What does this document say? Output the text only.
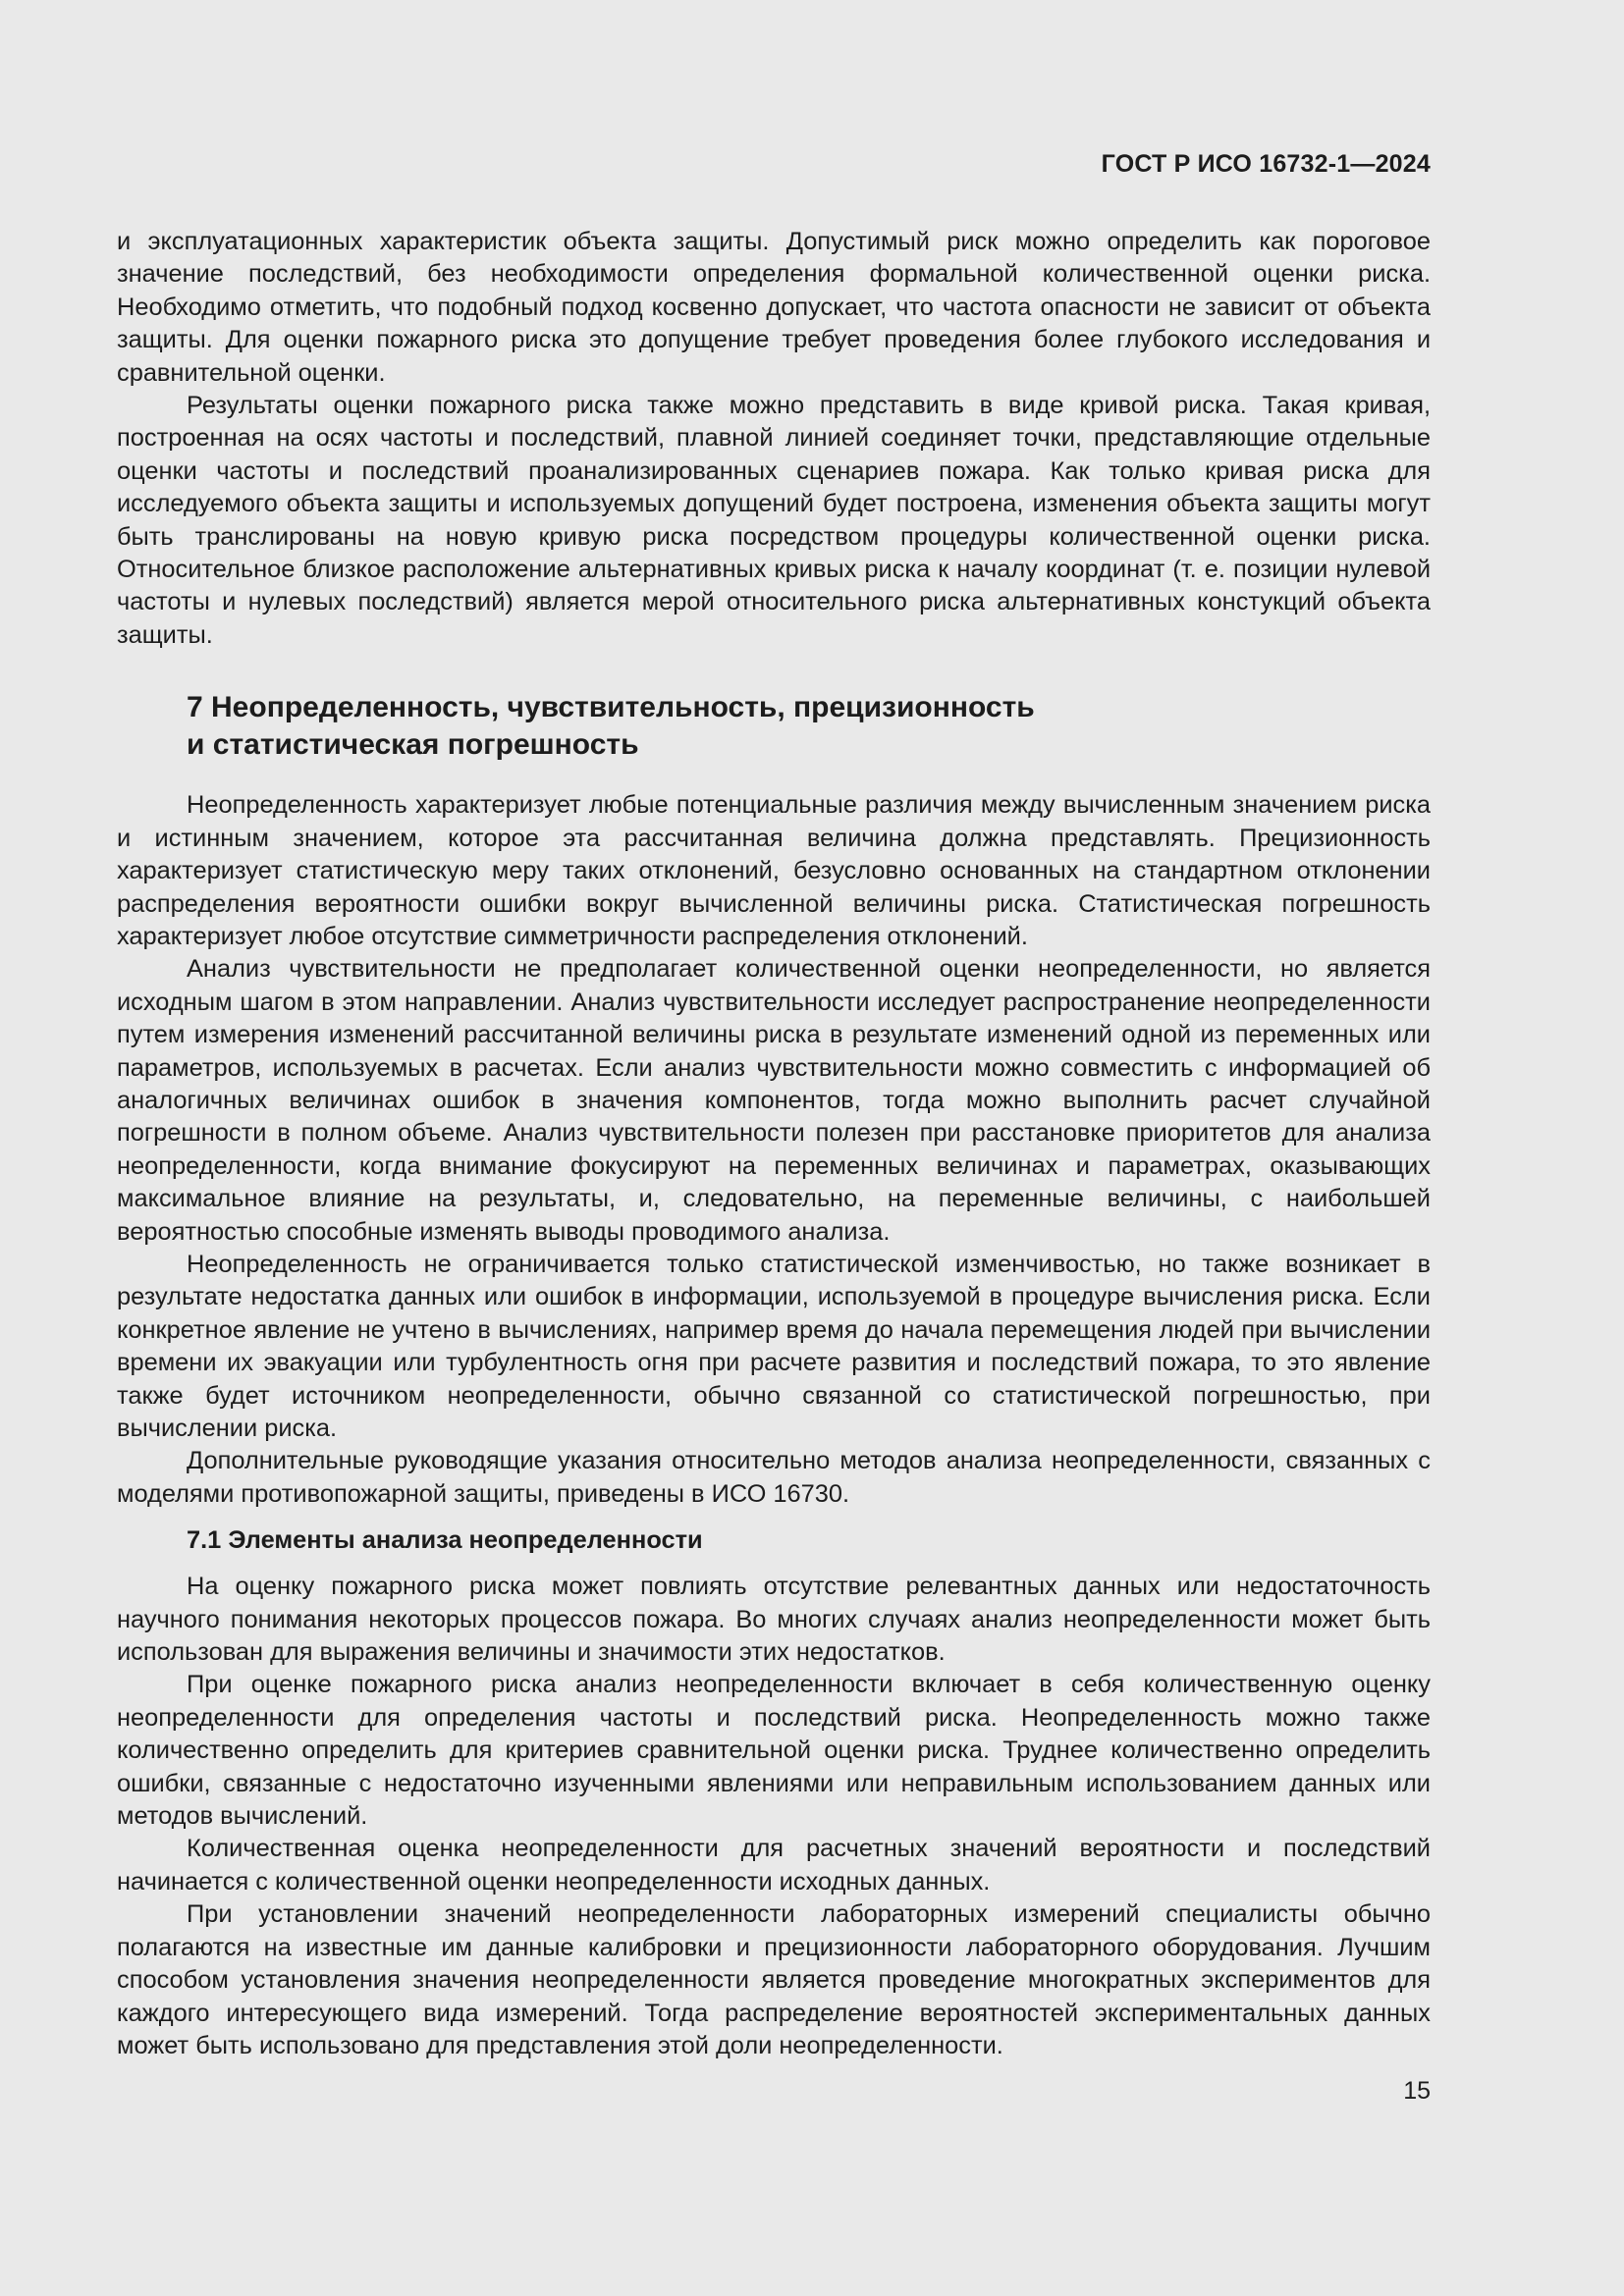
ГОСТ Р ИСО 16732-1—2024

и эксплуатационных характеристик объекта защиты. Допустимый риск можно определить как пороговое значение последствий, без необходимости определения формальной количественной оценки риска. Необходимо отметить, что подобный подход косвенно допускает, что частота опасности не зависит от объекта защиты. Для оценки пожарного риска это допущение требует проведения более глубокого исследования и сравнительной оценки.

Результаты оценки пожарного риска также можно представить в виде кривой риска. Такая кривая, построенная на осях частоты и последствий, плавной линией соединяет точки, представляющие отдельные оценки частоты и последствий проанализированных сценариев пожара. Как только кривая риска для исследуемого объекта защиты и используемых допущений будет построена, изменения объекта защиты могут быть транслированы на новую кривую риска посредством процедуры количественной оценки риска. Относительное близкое расположение альтернативных кривых риска к началу координат (т. е. позиции нулевой частоты и нулевых последствий) является мерой относительного риска альтернативных констукций объекта защиты.

7 Неопределенность, чувствительность, прецизионность
и статистическая погрешность

Неопределенность характеризует любые потенциальные различия между вычисленным значением риска и истинным значением, которое эта рассчитанная величина должна представлять. Прецизионность характеризует статистическую меру таких отклонений, безусловно основанных на стандартном отклонении распределения вероятности ошибки вокруг вычисленной величины риска. Статистическая погрешность характеризует любое отсутствие симметричности распределения отклонений.

Анализ чувствительности не предполагает количественной оценки неопределенности, но является исходным шагом в этом направлении. Анализ чувствительности исследует распространение неопределенности путем измерения изменений рассчитанной величины риска в результате изменений одной из переменных или параметров, используемых в расчетах. Если анализ чувствительности можно совместить с информацией об аналогичных величинах ошибок в значения компонентов, тогда можно выполнить расчет случайной погрешности в полном объеме. Анализ чувствительности полезен при расстановке приоритетов для анализа неопределенности, когда внимание фокусируют на переменных величинах и параметрах, оказывающих максимальное влияние на результаты, и, следовательно, на переменные величины, с наибольшей вероятностью способные изменять выводы проводимого анализа.

Неопределенность не ограничивается только статистической изменчивостью, но также возникает в результате недостатка данных или ошибок в информации, используемой в процедуре вычисления риска. Если конкретное явление не учтено в вычислениях, например время до начала перемещения людей при вычислении времени их эвакуации или турбулентность огня при расчете развития и последствий пожара, то это явление также будет источником неопределенности, обычно связанной со статистической погрешностью, при вычислении риска.

Дополнительные руководящие указания относительно методов анализа неопределенности, связанных с моделями противопожарной защиты, приведены в ИСО 16730.

7.1 Элементы анализа неопределенности

На оценку пожарного риска может повлиять отсутствие релевантных данных или недостаточность научного понимания некоторых процессов пожара. Во многих случаях анализ неопределенности может быть использован для выражения величины и значимости этих недостатков.

При оценке пожарного риска анализ неопределенности включает в себя количественную оценку неопределенности для определения частоты и последствий риска. Неопределенность можно также количественно определить для критериев сравнительной оценки риска. Труднее количественно определить ошибки, связанные с недостаточно изученными явлениями или неправильным использованием данных или методов вычислений.

Количественная оценка неопределенности для расчетных значений вероятности и последствий начинается с количественной оценки неопределенности исходных данных.

При установлении значений неопределенности лабораторных измерений специалисты обычно полагаются на известные им данные калибровки и прецизионности лабораторного оборудования. Лучшим способом установления значения неопределенности является проведение многократных экспериментов для каждого интересующего вида измерений. Тогда распределение вероятностей экспериментальных данных может быть использовано для представления этой доли неопределенности.

15
